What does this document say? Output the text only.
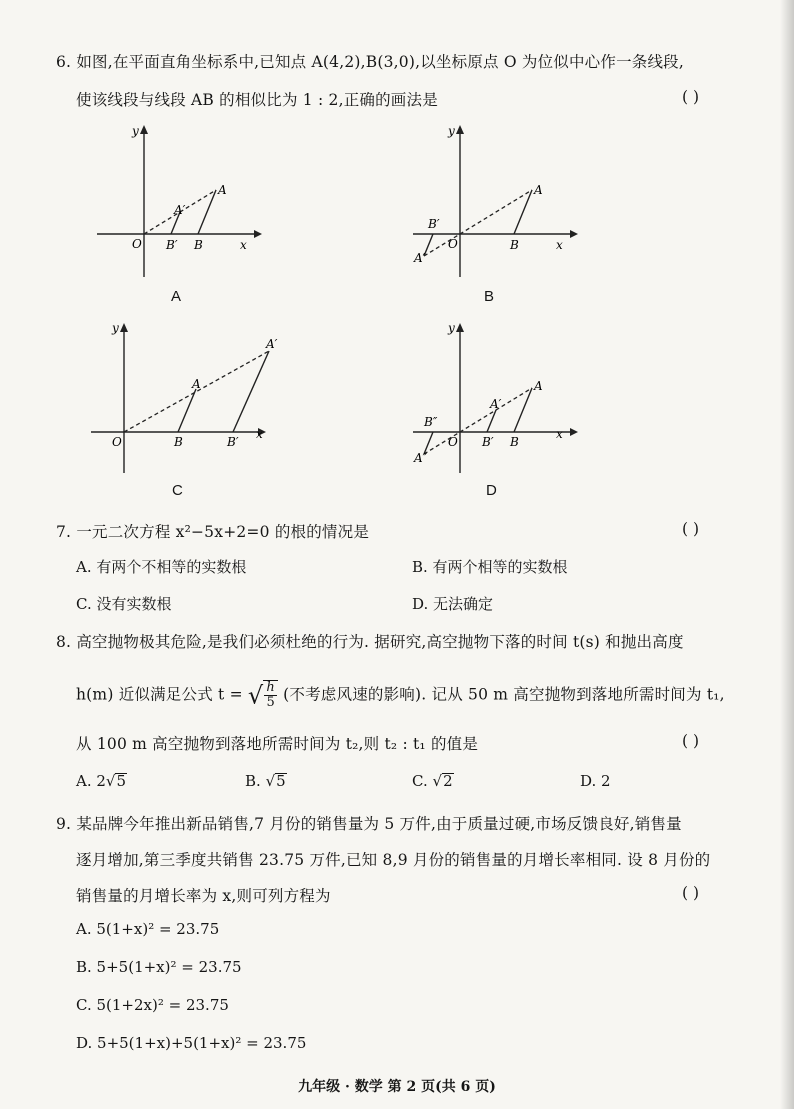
6. 如图,在平面直角坐标系中,已知点 A(4,2),B(3,0),以坐标原点 O 为位似中心作一条线段,
使该线段与线段 AB 的相似比为 1 : 2,正确的画法是	( )
y
x
O
A
A′
B′ B
A
y
x
O
A
B′
A′
B
B
y
x
O
A
A′
B	B′
C
y
x
O
A
A′
B′ B
B″
A″
D
7. 一元二次方程 x²−5x+2=0 的根的情况是	( )
A. 有两个不相等的实数根	B. 有两个相等的实数根
C. 没有实数根	D. 无法确定
8. 高空抛物极其危险,是我们必须杜绝的行为. 据研究,高空抛物下落的时间 t(s) 和抛出高度
h(m) 近似满足公式 t = √ $\frac{h}{5}$ (不考虑风速的影响). 记从 50 m 高空抛物到落地所需时间为 t₁,
从 100 m 高空抛物到落地所需时间为 t₂,则 t₂ : t₁ 的值是	( )
A. 2√5	B. √5	C. √2	D. 2
9. 某品牌今年推出新品销售,7 月份的销售量为 5 万件,由于质量过硬,市场反馈良好,销售量
逐月增加,第三季度共销售 23.75 万件,已知 8,9 月份的销售量的月增长率相同. 设 8 月份的
销售量的月增长率为 x,则可列方程为	( )
A. 5(1+x)² = 23.75
B. 5+5(1+x)² = 23.75
C. 5(1+2x)² = 23.75
D. 5+5(1+x)+5(1+x)² = 23.75
九年级 · 数学 第 2 页(共 6 页)
